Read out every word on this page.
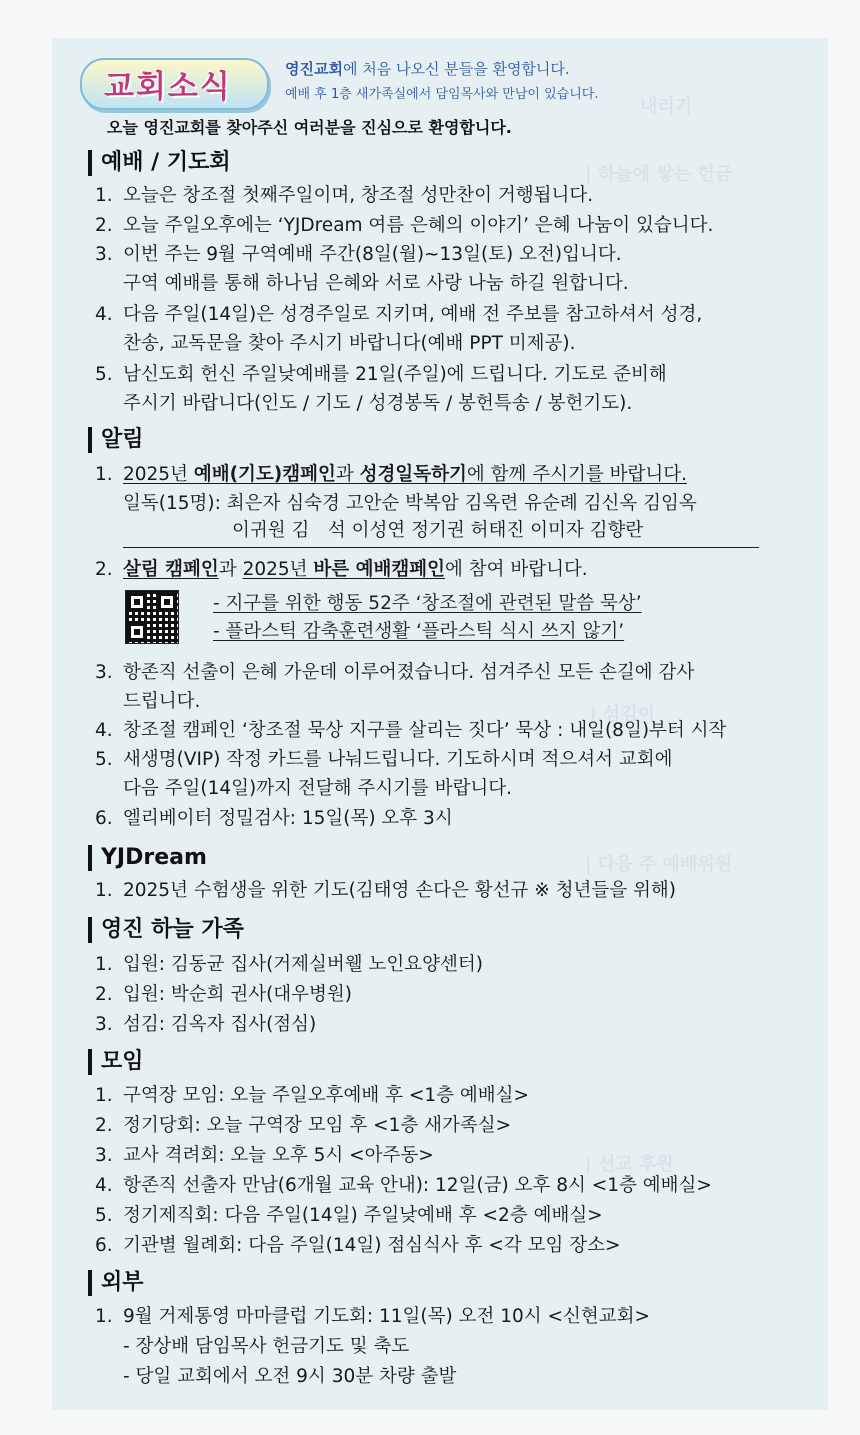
내리기
| 하늘에 쌓는 헌금
| 섬김이
| 다음 주 예배위원
| 선교 후원
교회소식	영진교회에 처음 나오신 분들을 환영합니다.
예배 후 1층 새가족실에서 담임목사와 만남이 있습니다.
오늘 영진교회를 찾아주신 여러분을 진심으로 환영합니다.
예배 / 기도회
1. 오늘은 창조절 첫째주일이며, 창조절 성만찬이 거행됩니다.
2. 오늘 주일오후에는 ‘YJDream 여름 은혜의 이야기’ 은혜 나눔이 있습니다.
3. 이번 주는 9월 구역예배 주간(8일(월)~13일(토) 오전)입니다.
구역 예배를 통해 하나님 은혜와 서로 사랑 나눔 하길 원합니다.
4. 다음 주일(14일)은 성경주일로 지키며, 예배 전 주보를 참고하셔서 성경,
찬송, 교독문을 찾아 주시기 바랍니다(예배 PPT 미제공).
5. 남신도회 헌신 주일낮예배를 21일(주일)에 드립니다. 기도로 준비해
주시기 바랍니다(인도 / 기도 / 성경봉독 / 봉헌특송 / 봉헌기도).
알림
1. 2025년 예배(기도)캠페인과 성경일독하기에 함께 주시기를 바랍니다.
일독(15명): 최은자 심숙경 고안순 박복암 김옥련 유순례 김신옥 김임옥
이귀원 김　석 이성연 정기권 허태진 이미자 김향란
2. 살림 캠페인과 2025년 바른 예배캠페인에 참여 바랍니다.
- 지구를 위한 행동 52주 ‘창조절에 관련된 말씀 묵상’
- 플라스틱 감축훈련생활 ‘플라스틱 식시 쓰지 않기’
3. 항존직 선출이 은혜 가운데 이루어졌습니다. 섬겨주신 모든 손길에 감사
드립니다.
4. 창조절 캠페인 ‘창조절 묵상 지구를 살리는 짓다’ 묵상 : 내일(8일)부터 시작
5. 새생명(VIP) 작정 카드를 나눠드립니다. 기도하시며 적으셔서 교회에
다음 주일(14일)까지 전달해 주시기를 바랍니다.
6. 엘리베이터 정밀검사: 15일(목) 오후 3시
YJDream
1. 2025년 수험생을 위한 기도(김태영 손다은 황선규 ※ 청년들을 위해)
영진 하늘 가족
1. 입원: 김동균 집사(거제실버웰 노인요양센터)
2. 입원: 박순희 권사(대우병원)
3. 섬김: 김옥자 집사(점심)
모임
1. 구역장 모임: 오늘 주일오후예배 후 <1층 예배실>
2. 정기당회: 오늘 구역장 모임 후 <1층 새가족실>
3. 교사 격려회: 오늘 오후 5시 <아주동>
4. 항존직 선출자 만남(6개월 교육 안내): 12일(금) 오후 8시 <1층 예배실>
5. 정기제직회: 다음 주일(14일) 주일낮예배 후 <2층 예배실>
6. 기관별 월례회: 다음 주일(14일) 점심식사 후 <각 모임 장소>
외부
1. 9월 거제통영 마마클럽 기도회: 11일(목) 오전 10시 <신현교회>
- 장상배 담임목사 헌금기도 및 축도
- 당일 교회에서 오전 9시 30분 차량 출발
